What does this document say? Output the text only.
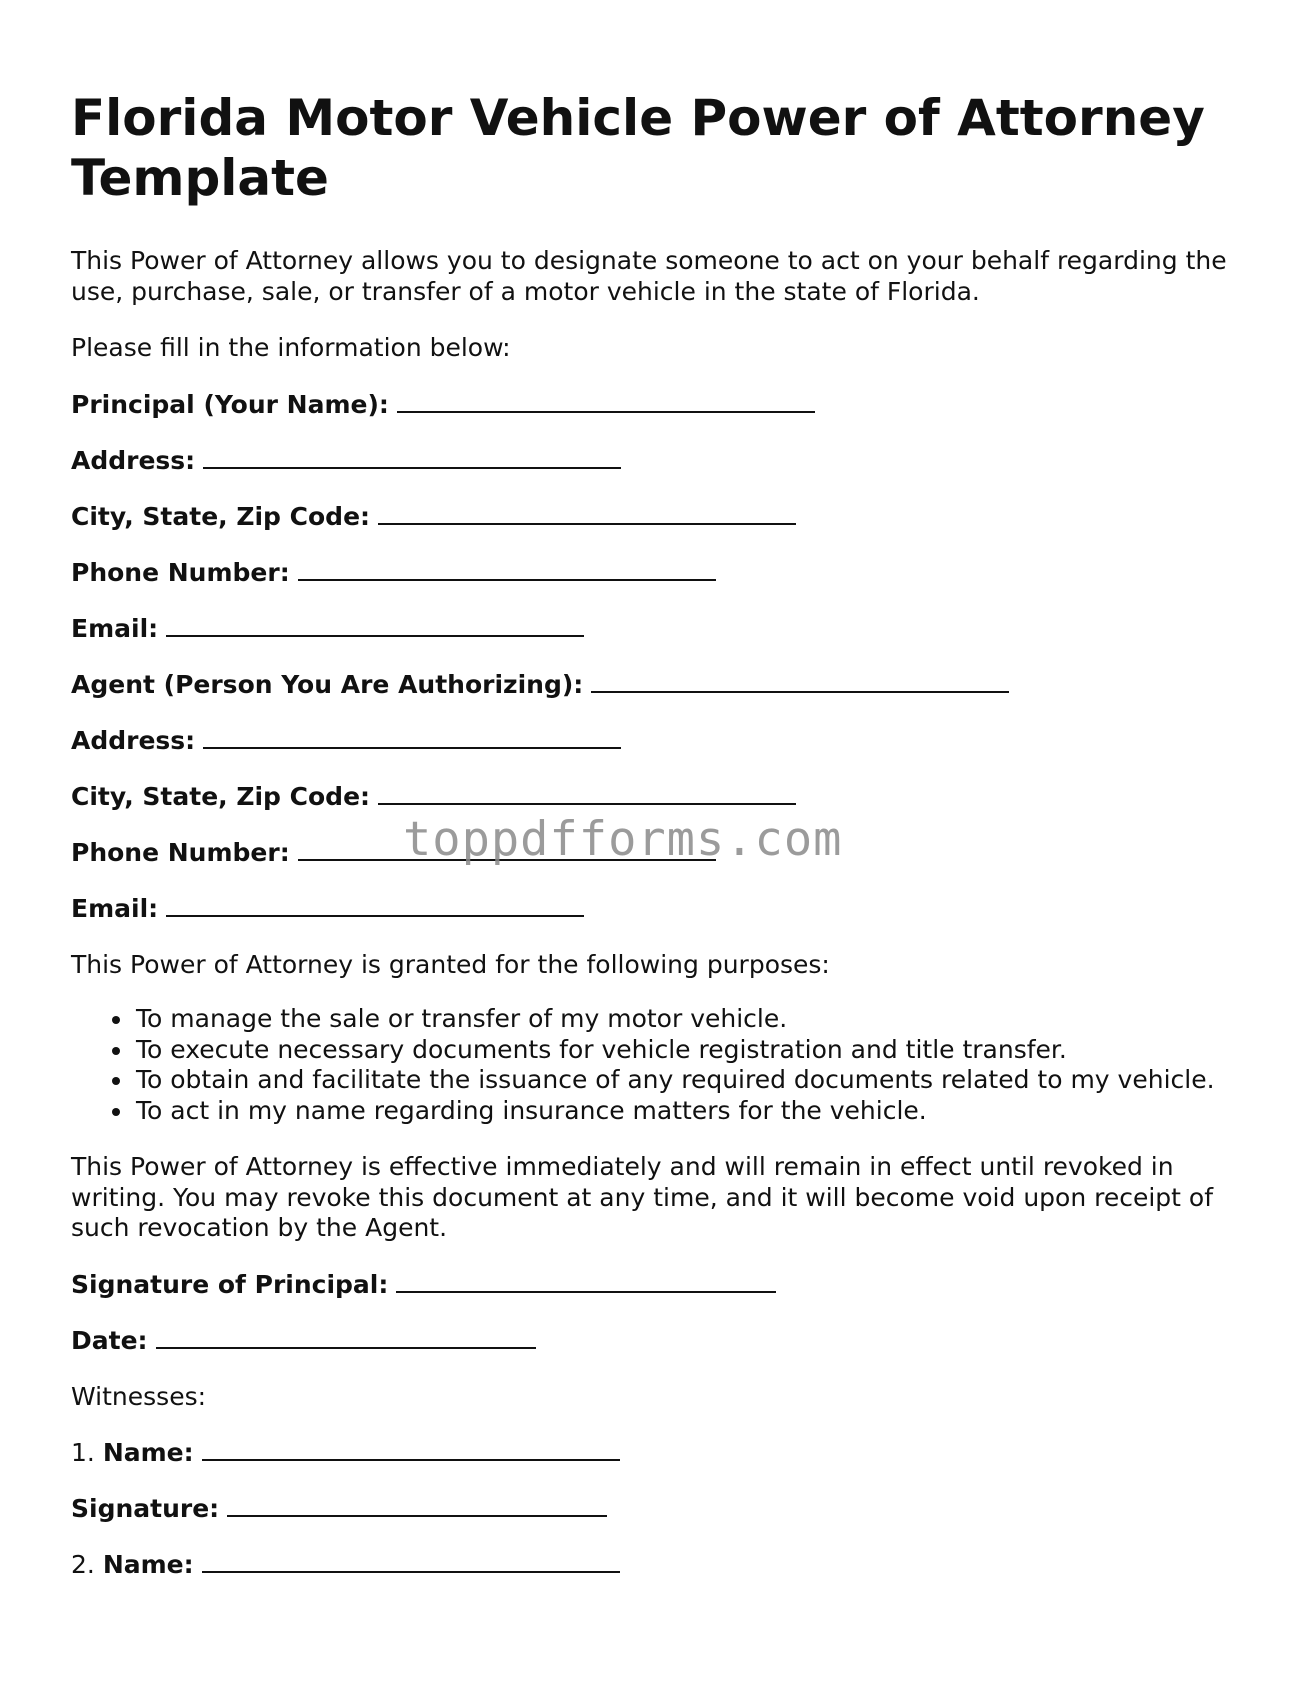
Florida Motor Vehicle Power of Attorney Template

This Power of Attorney allows you to designate someone to act on your behalf regarding the use, purchase, sale, or transfer of a motor vehicle in the state of Florida.

Please fill in the information below:

Principal (Your Name):
Address:
City, State, Zip Code:
Phone Number:
Email:
Agent (Person You Are Authorizing):
Address:
City, State, Zip Code:
Phone Number:
Email:

This Power of Attorney is granted for the following purposes:

• To manage the sale or transfer of my motor vehicle.
• To execute necessary documents for vehicle registration and title transfer.
• To obtain and facilitate the issuance of any required documents related to my vehicle.
• To act in my name regarding insurance matters for the vehicle.

This Power of Attorney is effective immediately and will remain in effect until revoked in writing. You may revoke this document at any time, and it will become void upon receipt of such revocation by the Agent.

Signature of Principal:
Date:

Witnesses:

1. Name:
Signature:
2. Name:
toppdfforms.com
